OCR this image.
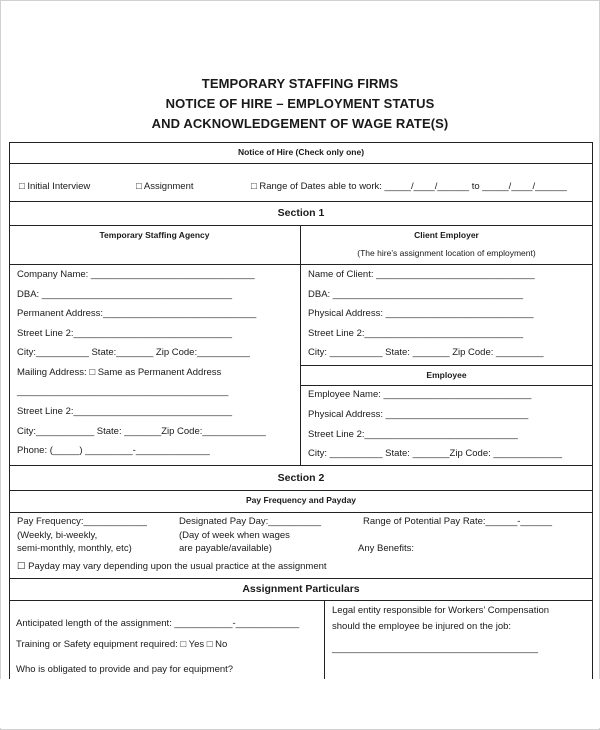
TEMPORARY STAFFING FIRMS
NOTICE OF HIRE – EMPLOYMENT STATUS
AND ACKNOWLEDGEMENT OF WAGE RATE(S)
Notice of Hire (Check only one)
□ Initial Interview	□ Assignment	□ Range of Dates able to work: _____/____/______ to _____/____/______
Section 1
Temporary Staffing Agency	Client Employer
(The hire’s assignment location of employment)
Company Name: _______________________________
DBA: ____________________________________
Permanent Address:_____________________________
Street Line 2:______________________________
City:__________ State:_______ Zip Code:__________
Mailing Address: □ Same as Permanent Address
________________________________________
Street Line 2:______________________________
City:___________ State: _______Zip Code:____________
Phone: (_____) _________-______________
Name of Client: ______________________________
DBA: ____________________________________
Physical Address: ____________________________
Street Line 2:______________________________
City: __________ State: _______ Zip Code: _________
Employee
Employee Name: ____________________________
Physical Address: ___________________________
Street Line 2:_____________________________
City: __________ State: _______Zip Code: _____________
Section 2
Pay Frequency and Payday
Pay Frequency:____________
(Weekly, bi-weekly,
semi-monthly, monthly, etc)
Designated Pay Day:__________
(Day of week when wages
are payable/available)
Range of Potential Pay Rate:______-______
Any Benefits:
☐ Payday may vary depending upon the usual practice at the assignment
Assignment Particulars
Anticipated length of the assignment: ___________-____________
Training or Safety equipment required: □ Yes □ No
Who is obligated to provide and pay for equipment?
Legal entity responsible for Workers’ Compensation
should the employee be injured on the job:
_______________________________________
